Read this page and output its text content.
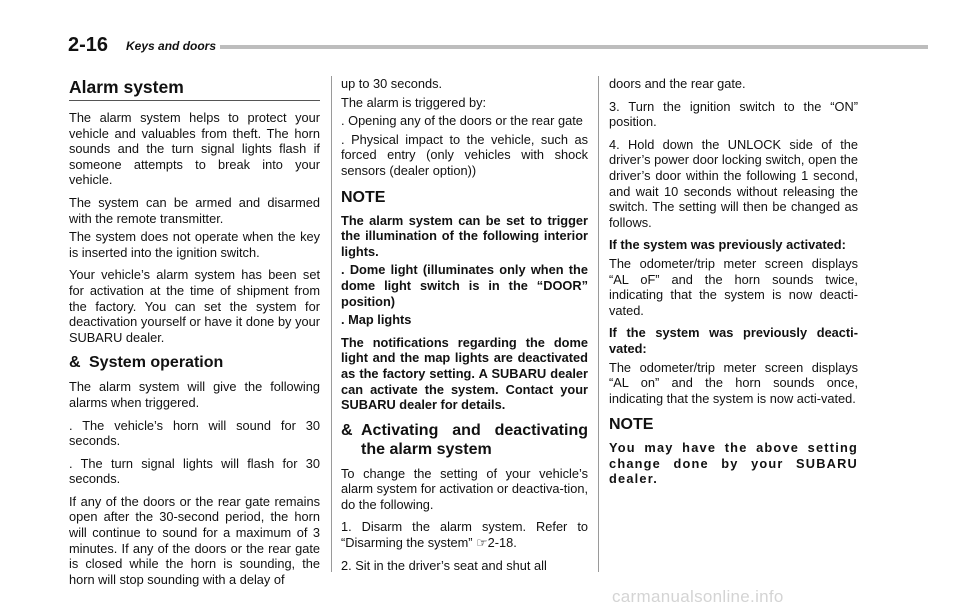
2-16 Keys and doors
Alarm system

The alarm system helps to protect your vehicle and valuables from theft. The horn sounds and the turn signal lights flash if someone attempts to break into your vehicle.

The system can be armed and disarmed with the remote transmitter.

The system does not operate when the key is inserted into the ignition switch.

Your vehicle’s alarm system has been set for activation at the time of shipment from the factory. You can set the system for deactivation yourself or have it done by your SUBARU dealer.

& System operation

The alarm system will give the following alarms when triggered.

. The vehicle’s horn will sound for 30 seconds.

. The turn signal lights will flash for 30 seconds.

If any of the doors or the rear gate remains open after the 30-second period, the horn will continue to sound for a maximum of 3 minutes. If any of the doors or the rear gate is closed while the horn is sounding, the horn will stop sounding with a delay of

up to 30 seconds.

The alarm is triggered by:

. Opening any of the doors or the rear gate

. Physical impact to the vehicle, such as forced entry (only vehicles with shock sensors (dealer option))

NOTE

The alarm system can be set to trigger the illumination of the following interior lights.

. Dome light (illuminates only when the dome light switch is in the “DOOR” position)

. Map lights

The notifications regarding the dome light and the map lights are deactivated as the factory setting. A SUBARU dealer can activate the system. Contact your SUBARU dealer for details.

& Activating and deactivating the alarm system

To change the setting of your vehicle’s alarm system for activation or deactiva-tion, do the following.

1. Disarm the alarm system. Refer to “Disarming the system” ☞2-18.

2. Sit in the driver’s seat and shut all

doors and the rear gate.

3. Turn the ignition switch to the “ON” position.

4. Hold down the UNLOCK side of the driver’s power door locking switch, open the driver’s door within the following 1 second, and wait 10 seconds without releasing the switch. The setting will then be changed as follows.

If the system was previously activated:

The odometer/trip meter screen displays “AL oF” and the horn sounds twice, indicating that the system is now deacti-vated.

If the system was previously deacti-vated:

The odometer/trip meter screen displays “AL on” and the horn sounds once, indicating that the system is now acti-vated.

NOTE

You may have the above setting change done by your SUBARU dealer.

carmanualsonline.info
